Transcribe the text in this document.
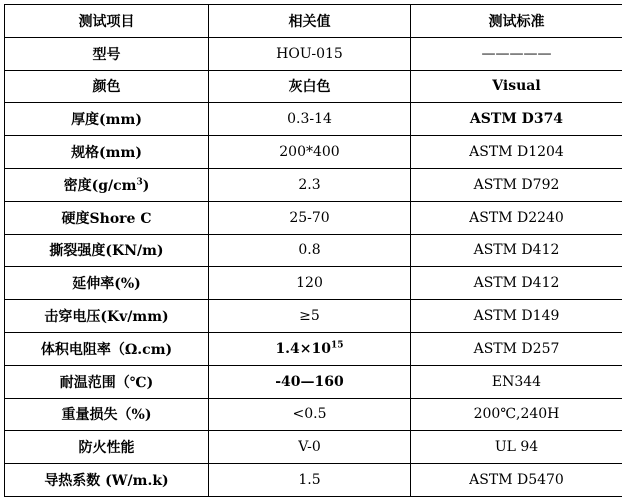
测试项目	相关值	测试标准
型号	HOU-015	—————
颜色	灰白色	Visual
厚度(mm)	0.3-14	ASTM D374
规格(mm)	200*400	ASTM D1204
密度$(g/cm^3)$	2.3	ASTM D792
硬度Shore C	25-70	ASTM D2240
撕裂强度(KN/m)	0.8	ASTM D412
延伸率(%)	120	ASTM D412
击穿电压(Kv/mm)	≥5	ASTM D149
体积电阻率（Ω.cm)	$1.4\times 10^{15}$	ASTM D257
耐温范围（℃)	-40—160	EN344
重量损失（%)	<0.5	200℃,240H
防火性能	V-0	UL 94
导热系数 (W/m.k)	1.5	ASTM D5470
